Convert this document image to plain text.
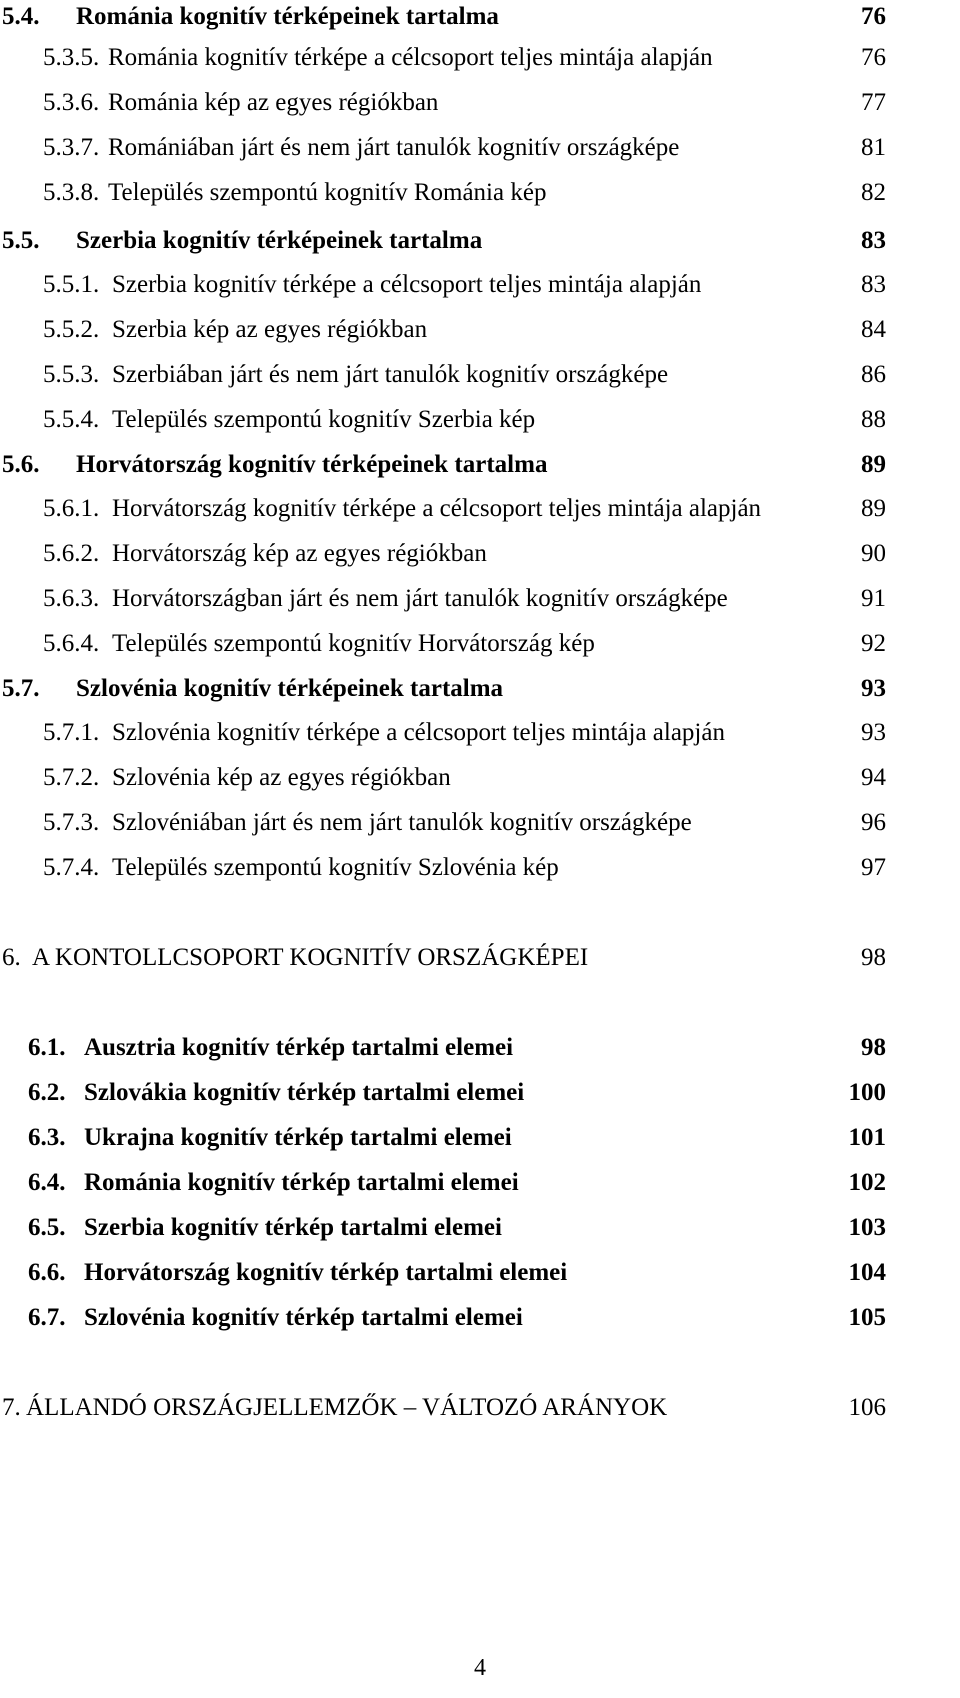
5.4. Románia kognitív térképeinek tartalma	76
5.3.5. Románia kognitív térképe a célcsoport teljes mintája alapján	76
5.3.6. Románia kép az egyes régiókban	77
5.3.7. Romániában járt és nem járt tanulók kognitív országképe	81
5.3.8. Település szempontú kognitív Románia kép	82
5.5. Szerbia kognitív térképeinek tartalma	83
5.5.1. Szerbia kognitív térképe a célcsoport teljes mintája alapján	83
5.5.2. Szerbia kép az egyes régiókban	84
5.5.3. Szerbiában járt és nem járt tanulók kognitív országképe	86
5.5.4. Település szempontú kognitív Szerbia kép	88
5.6. Horvátország kognitív térképeinek tartalma	89
5.6.1. Horvátország kognitív térképe a célcsoport teljes mintája alapján	89
5.6.2. Horvátország kép az egyes régiókban	90
5.6.3. Horvátországban járt és nem járt tanulók kognitív országképe	91
5.6.4. Település szempontú kognitív Horvátország kép	92
5.7. Szlovénia kognitív térképeinek tartalma	93
5.7.1. Szlovénia kognitív térképe a célcsoport teljes mintája alapján	93
5.7.2. Szlovénia kép az egyes régiókban	94
5.7.3. Szlovéniában járt és nem járt tanulók kognitív országképe	96
5.7.4. Település szempontú kognitív Szlovénia kép	97
6. A KONTOLLCSOPORT KOGNITÍV ORSZÁGKÉPEI	98
6.1. Ausztria kognitív térkép tartalmi elemei	98
6.2. Szlovákia kognitív térkép tartalmi elemei	100
6.3. Ukrajna kognitív térkép tartalmi elemei	101
6.4. Románia kognitív térkép tartalmi elemei	102
6.5. Szerbia kognitív térkép tartalmi elemei	103
6.6. Horvátország kognitív térkép tartalmi elemei	104
6.7. Szlovénia kognitív térkép tartalmi elemei	105
7. ÁLLANDÓ ORSZÁGJELLEMZŐK – VÁLTOZÓ ARÁNYOK	106
4
